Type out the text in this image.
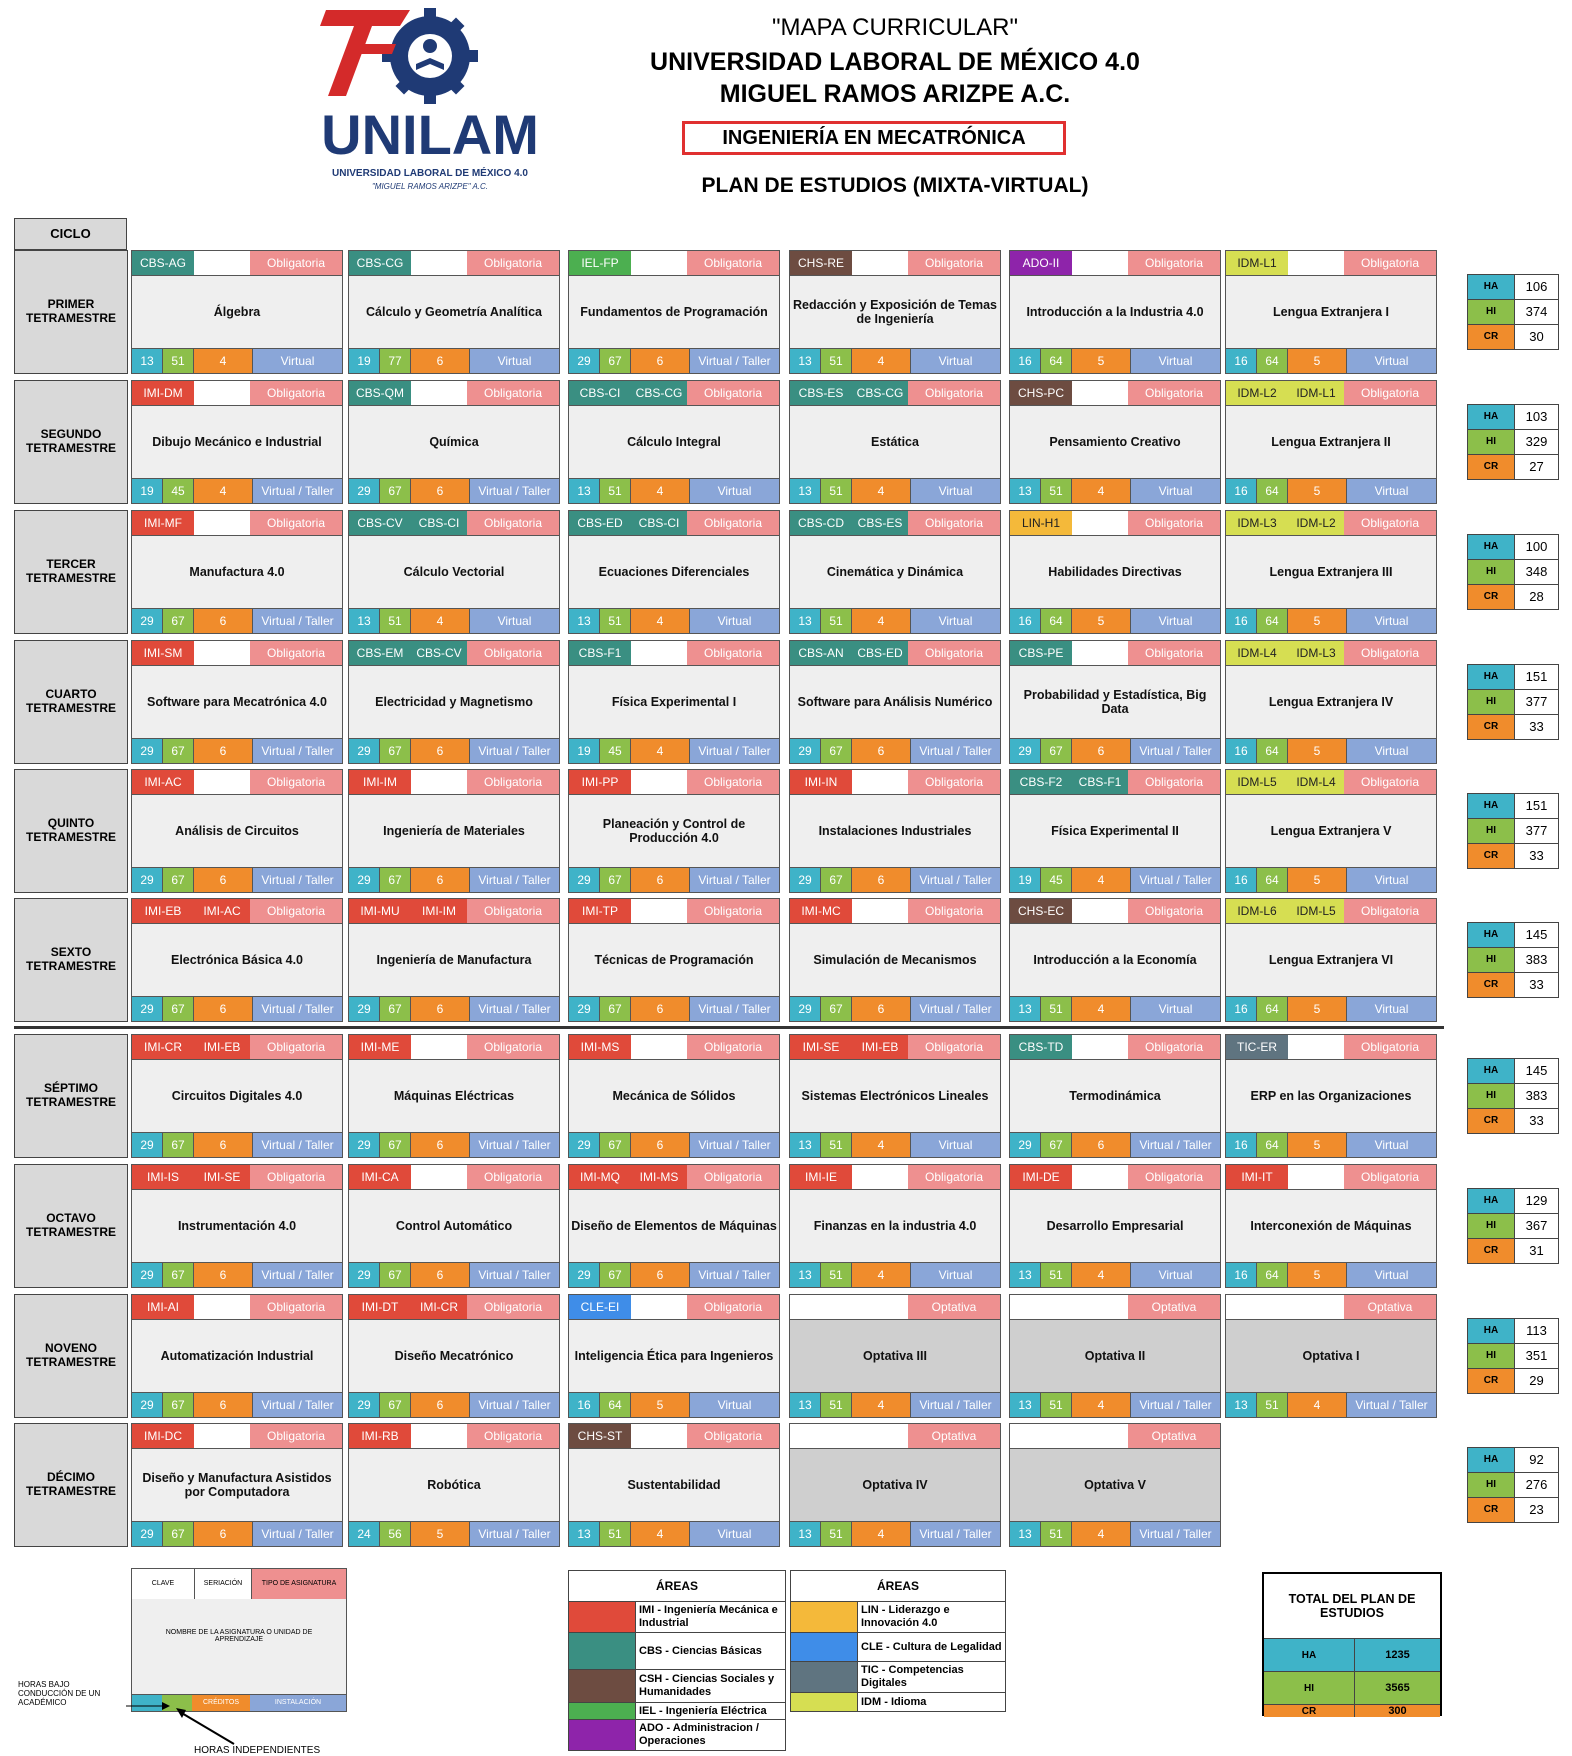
UNILAM
UNIVERSIDAD LABORAL DE MÉXICO 4.0
"MIGUEL RAMOS ARIZPE" A.C.
"MAPA CURRICULAR"
UNIVERSIDAD LABORAL DE MÉXICO 4.0
MIGUEL RAMOS ARIZPE A.C.
INGENIERÍA EN MECATRÓNICA
PLAN DE ESTUDIOS (MIXTA-VIRTUAL)
CICLO
PRIMER TETRAMESTRE
CBS-AG	Obligatoria
Álgebra
13	51	4	Virtual
CBS-CG	Obligatoria
Cálculo y Geometría Analítica
19	77	6	Virtual
IEL-FP	Obligatoria
Fundamentos de Programación
29	67	6	Virtual / Taller
CHS-RE	Obligatoria
Redacción y Exposición de Temas de Ingeniería
13	51	4	Virtual
ADO-II	Obligatoria
Introducción a la Industria 4.0
16	64	5	Virtual
IDM-L1	Obligatoria
Lengua Extranjera I
16	64	5	Virtual
HA	106
HI	374
CR	30
SEGUNDO TETRAMESTRE
IMI-DM	Obligatoria
Dibujo Mecánico e Industrial
19	45	4	Virtual / Taller
CBS-QM	Obligatoria
Química
29	67	6	Virtual / Taller
CBS-CI	CBS-CG	Obligatoria
Cálculo Integral
13	51	4	Virtual
CBS-ES	CBS-CG	Obligatoria
Estática
13	51	4	Virtual
CHS-PC	Obligatoria
Pensamiento Creativo
13	51	4	Virtual
IDM-L2	IDM-L1	Obligatoria
Lengua Extranjera II
16	64	5	Virtual
HA	103
HI	329
CR	27
TERCER TETRAMESTRE
IMI-MF	Obligatoria
Manufactura 4.0
29	67	6	Virtual / Taller
CBS-CV	CBS-CI	Obligatoria
Cálculo Vectorial
13	51	4	Virtual
CBS-ED	CBS-CI	Obligatoria
Ecuaciones Diferenciales
13	51	4	Virtual
CBS-CD	CBS-ES	Obligatoria
Cinemática y Dinámica
13	51	4	Virtual
LIN-H1	Obligatoria
Habilidades Directivas
16	64	5	Virtual
IDM-L3	IDM-L2	Obligatoria
Lengua Extranjera III
16	64	5	Virtual
HA	100
HI	348
CR	28
CUARTO TETRAMESTRE
IMI-SM	Obligatoria
Software para Mecatrónica 4.0
29	67	6	Virtual / Taller
CBS-EM	CBS-CV	Obligatoria
Electricidad y Magnetismo
29	67	6	Virtual / Taller
CBS-F1	Obligatoria
Física Experimental I
19	45	4	Virtual / Taller
CBS-AN	CBS-ED	Obligatoria
Software para Análisis Numérico
29	67	6	Virtual / Taller
CBS-PE	Obligatoria
Probabilidad y Estadística, Big Data
29	67	6	Virtual / Taller
IDM-L4	IDM-L3	Obligatoria
Lengua Extranjera IV
16	64	5	Virtual
HA	151
HI	377
CR	33
QUINTO TETRAMESTRE
IMI-AC	Obligatoria
Análisis de Circuitos
29	67	6	Virtual / Taller
IMI-IM	Obligatoria
Ingeniería de Materiales
29	67	6	Virtual / Taller
IMI-PP	Obligatoria
Planeación y Control de Producción 4.0
29	67	6	Virtual / Taller
IMI-IN	Obligatoria
Instalaciones Industriales
29	67	6	Virtual / Taller
CBS-F2	CBS-F1	Obligatoria
Física Experimental II
19	45	4	Virtual / Taller
IDM-L5	IDM-L4	Obligatoria
Lengua Extranjera V
16	64	5	Virtual
HA	151
HI	377
CR	33
SEXTO TETRAMESTRE
IMI-EB	IMI-AC	Obligatoria
Electrónica Básica 4.0
29	67	6	Virtual / Taller
IMI-MU	IMI-IM	Obligatoria
Ingeniería de Manufactura
29	67	6	Virtual / Taller
IMI-TP	Obligatoria
Técnicas de Programación
29	67	6	Virtual / Taller
IMI-MC	Obligatoria
Simulación de Mecanismos
29	67	6	Virtual / Taller
CHS-EC	Obligatoria
Introducción a la Economía
13	51	4	Virtual
IDM-L6	IDM-L5	Obligatoria
Lengua Extranjera VI
16	64	5	Virtual
HA	145
HI	383
CR	33
SÉPTIMO TETRAMESTRE
IMI-CR	IMI-EB	Obligatoria
Circuitos Digitales 4.0
29	67	6	Virtual / Taller
IMI-ME	Obligatoria
Máquinas Eléctricas
29	67	6	Virtual / Taller
IMI-MS	Obligatoria
Mecánica de Sólidos
29	67	6	Virtual / Taller
IMI-SE	IMI-EB	Obligatoria
Sistemas Electrónicos Lineales
13	51	4	Virtual
CBS-TD	Obligatoria
Termodinámica
29	67	6	Virtual / Taller
TIC-ER	Obligatoria
ERP en las Organizaciones
16	64	5	Virtual
HA	145
HI	383
CR	33
OCTAVO TETRAMESTRE
IMI-IS	IMI-SE	Obligatoria
Instrumentación 4.0
29	67	6	Virtual / Taller
IMI-CA	Obligatoria
Control Automático
29	67	6	Virtual / Taller
IMI-MQ	IMI-MS	Obligatoria
Diseño de Elementos de Máquinas
29	67	6	Virtual / Taller
IMI-IE	Obligatoria
Finanzas en la industria 4.0
13	51	4	Virtual
IMI-DE	Obligatoria
Desarrollo Empresarial
13	51	4	Virtual
IMI-IT	Obligatoria
Interconexión de Máquinas
16	64	5	Virtual
HA	129
HI	367
CR	31
NOVENO TETRAMESTRE
IMI-AI	Obligatoria
Automatización Industrial
29	67	6	Virtual / Taller
IMI-DT	IMI-CR	Obligatoria
Diseño Mecatrónico
29	67	6	Virtual / Taller
CLE-EI	Obligatoria
Inteligencia Ética para Ingenieros
16	64	5	Virtual
Optativa
Optativa III
13	51	4	Virtual / Taller
Optativa
Optativa II
13	51	4	Virtual / Taller
Optativa
Optativa I
13	51	4	Virtual / Taller
HA	113
HI	351
CR	29
DÉCIMO TETRAMESTRE
IMI-DC	Obligatoria
Diseño y Manufactura Asistidos por Computadora
29	67	6	Virtual / Taller
IMI-RB	Obligatoria
Robótica
24	56	5	Virtual / Taller
CHS-ST	Obligatoria
Sustentabilidad
13	51	4	Virtual
Optativa
Optativa IV
13	51	4	Virtual / Taller
Optativa
Optativa V
13	51	4	Virtual / Taller
HA	92
HI	276
CR	23
CLAVE	SERIACIÓN	TIPO DE ASIGNATURA
NOMBRE DE LA ASIGNATURA O UNIDAD DE APRENDIZAJE
CRÉDITOS	INSTALACIÓN
HORAS BAJO CONDUCCIÓN DE UN ACADÉMICO
HORAS INDEPENDIENTES
ÁREAS
IMI - Ingeniería Mecánica e Industrial
CBS - Ciencias Básicas
CSH - Ciencias Sociales y Humanidades
IEL - Ingeniería Eléctrica
ADO - Administracion / Operaciones
ÁREAS
LIN - Liderazgo e Innovación 4.0
CLE - Cultura de Legalidad
TIC - Competencias Digitales
IDM - Idioma
TOTAL DEL PLAN DE ESTUDIOS
HA	1235
HI	3565
CR	300
